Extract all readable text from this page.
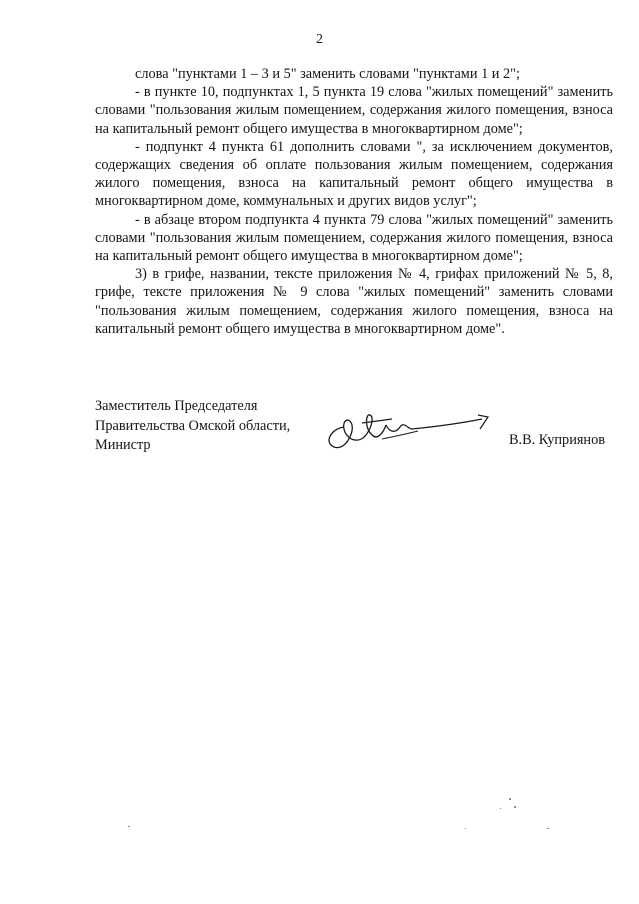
2

слова "пунктами 1 – 3 и 5" заменить словами "пунктами 1 и 2";

- в пункте 10, подпунктах 1, 5 пункта 19 слова "жилых помещений" заменить словами "пользования жилым помещением, содержания жилого помещения, взноса на капитальный ремонт общего имущества в многоквартирном доме";

- подпункт 4 пункта 61 дополнить словами ", за исключением документов, содержащих сведения об оплате пользования жилым помещением, содержания жилого помещения, взноса на капитальный ремонт общего имущества в многоквартирном доме, коммунальных и других видов услуг";

- в абзаце втором подпункта 4 пункта 79 слова "жилых помещений" заменить словами "пользования жилым помещением, содержания жилого помещения, взноса на капитальный ремонт общего имущества в многоквартирном доме";

3) в грифе, названии, тексте приложения № 4, грифах приложений № 5, 8, грифе, тексте приложения № 9 слова "жилых помещений" заменить словами "пользования жилым помещением, содержания жилого помещения, взноса на капитальный ремонт общего имущества в многоквартирном доме".

Заместитель Председателя
Правительства Омской области,
Министр	В.В. Куприянов
